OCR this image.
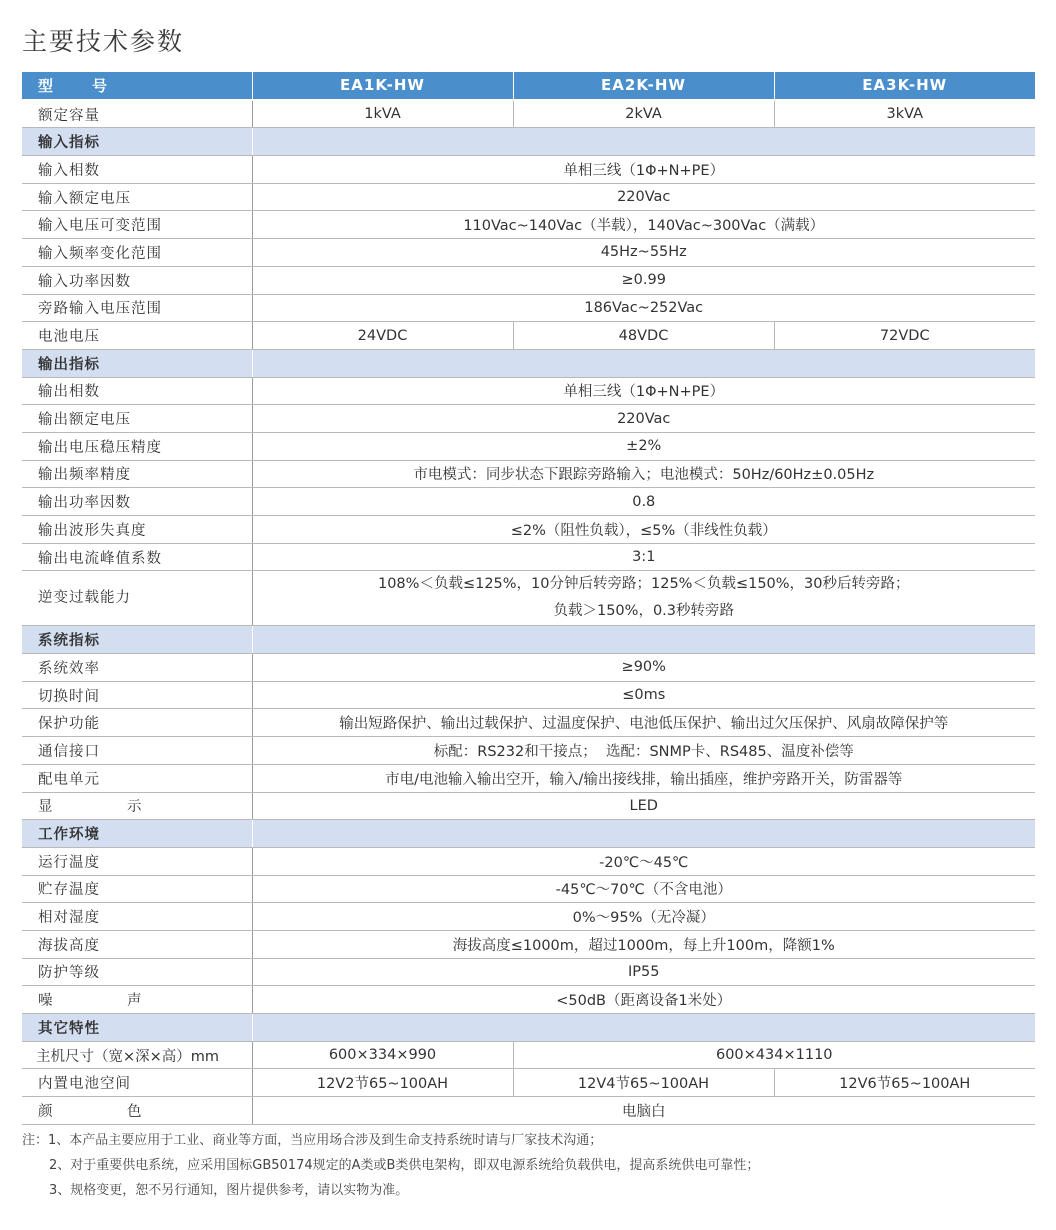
主要技术参数
型　号	EA1K-HW	EA2K-HW	EA3K-HW
额定容量	1kVA	2kVA	3kVA
输入指标			
输入相数	单相三线（1Φ+N+PE）		
输入额定电压	220Vac		
输入电压可变范围	110Vac~140Vac（半载），140Vac~300Vac（满载）		
输入频率变化范围	45Hz~55Hz		
输入功率因数	≥0.99		
旁路输入电压范围	186Vac~252Vac		
电池电压	24VDC	48VDC	72VDC
输出指标			
输出相数	单相三线（1Φ+N+PE）		
输出额定电压	220Vac		
输出电压稳压精度	±2%		
输出频率精度	市电模式：同步状态下跟踪旁路输入；电池模式：50Hz/60Hz±0.05Hz		
输出功率因数	0.8		
输出波形失真度	≤2%（阻性负载），≤5%（非线性负载）		
输出电流峰值系数	3:1		
逆变过载能力	108%＜负载≤125%，10分钟后转旁路；125%＜负载≤150%，30秒后转旁路；
负载＞150%，0.3秒转旁路		

系统指标			
系统效率	≥90%		
切换时间	≤0ms		
保护功能	输出短路保护、输出过载保护、过温度保护、电池低压保护、输出过欠压保护、风扇故障保护等		
通信接口	标配：RS232和干接点；  选配：SNMP卡、RS485、温度补偿等		
配电单元	市电/电池输入输出空开，输入/输出接线排，输出插座，维护旁路开关，防雷器等		
显　示	LED		
工作环境			
运行温度	-20℃～45℃		
贮存温度	-45℃～70℃（不含电池）		
相对湿度	0%～95%（无冷凝）		
海拔高度	海拔高度≤1000m，超过1000m，每上升100m，降额1%		
防护等级	IP55		
噪　声	<50dB（距离设备1米处）		
其它特性			
主机尺寸（宽×深×高）mm	600×334×990	600×434×1110	
内置电池空间	12V2节65~100AH	12V4节65~100AH	12V6节65~100AH
颜　色	电脑白		
注：1、本产品主要应用于工业、商业等方面，当应用场合涉及到生命支持系统时请与厂家技术沟通；
2、对于重要供电系统，应采用国标GB50174规定的A类或B类供电架构，即双电源系统给负载供电，提高系统供电可靠性；
3、规格变更，恕不另行通知，图片提供参考，请以实物为准。
